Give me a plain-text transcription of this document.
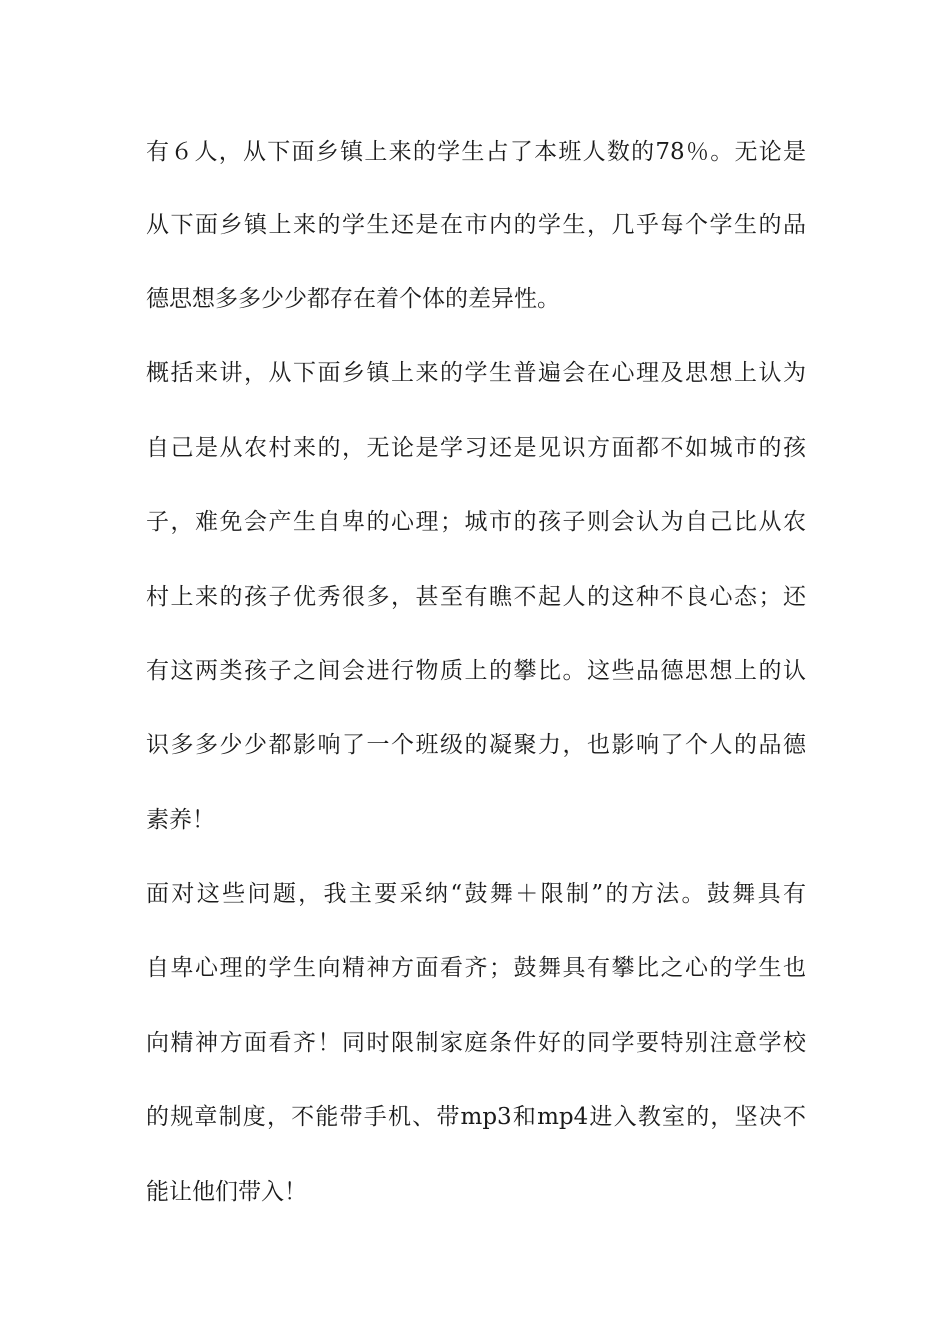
有６人，从下面乡镇上来的学生占了本班人数的78％。无论是
从下面乡镇上来的学生还是在市内的学生，几乎每个学生的品
德思想多多少少都存在着个体的差异性。
概括来讲，从下面乡镇上来的学生普遍会在心理及思想上认为
自己是从农村来的，无论是学习还是见识方面都不如城市的孩
子，难免会产生自卑的心理；城市的孩子则会认为自己比从农
村上来的孩子优秀很多，甚至有瞧不起人的这种不良心态；还
有这两类孩子之间会进行物质上的攀比。这些品德思想上的认
识多多少少都影响了一个班级的凝聚力，也影响了个人的品德
素养！
面对这些问题，我主要采纳“鼓舞＋限制”的方法。鼓舞具有
自卑心理的学生向精神方面看齐；鼓舞具有攀比之心的学生也
向精神方面看齐！同时限制家庭条件好的同学要特别注意学校
的规章制度，不能带手机、带mp3和mp4进入教室的，坚决不
能让他们带入！
